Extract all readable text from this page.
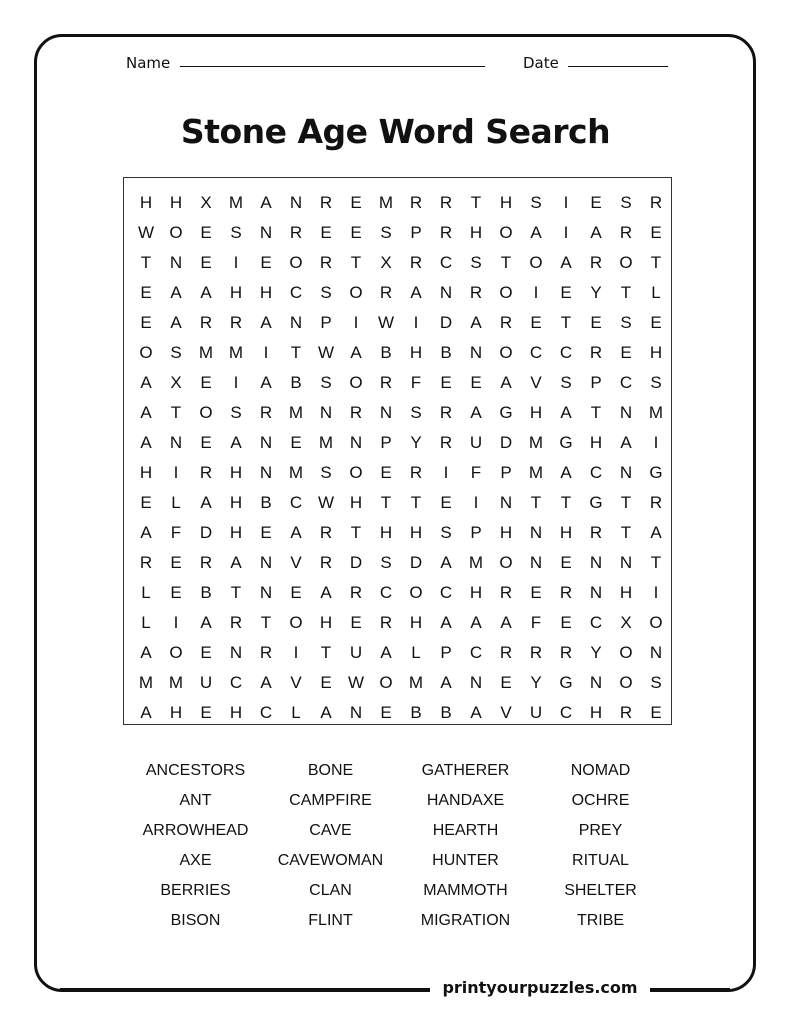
Name	Date
Stone Age Word Search
H	H	X	M	A	N	R	E	M R	R	T	H	S	I	E	S	R
W O	E	S	N	R	E	E	S	P	R	H	O	A	I	A	R	E
T	N	E	I	E	O	R	T	X	R	C	S	T	O	A	R	O	T
E	A	A	H	H	C	S	O	R	A	N	R	O	I	E	Y	T	L
E	A	R	R	A	N	P	I	W	I	D	A	R	E	T	E	S	E
O	S	M M	I	T W A	B	H	B	N	O	C	C	R	E	H
A	X	E	I	A	B	S	O	R	F	E	E	A	V	S	P	C	S
A	T	O	S	R M N	R	N	S	R	A	G	H	A	T	N M
A	N	E	A	N	E	M N	P	Y	R	U	D M G	H	A	I
H	I	R	H	N M	S	O	E	R	I	F	P	M	A	C	N	G
E	L	A	H	B	C W H	T	T	E	I	N	T	T	G	T	R
A	F	D	H	E	A	R	T	H	H	S	P	H	N	H	R	T	A
R	E	R	A	N	V	R	D	S	D	A	M O	N	E	N	N	T
L	E	B	T	N	E	A	R	C	O	C	H	R	E	R	N	H	I
L	I	A	R	T	O	H	E	R	H	A	A	A	F	E	C	X	O
A	O	E	N	R	I	T	U	A	L	P	C	R	R	R	Y	O	N
M M U	C	A	V	E W O M	A	N	E	Y	G	N	O	S
A	H	E	H	C	L	A	N	E	B	B	A	V	U	C	H	R	E
ANCESTORS	BONE	GATHERER	NOMAD
ANT	CAMPFIRE	HANDAXE	OCHRE
ARROWHEAD	CAVE	HEARTH	PREY
AXE	CAVEWOMAN	HUNTER	RITUAL
BERRIES	CLAN	MAMMOTH	SHELTER
BISON	FLINT	MIGRATION	TRIBE
printyourpuzzles.com
